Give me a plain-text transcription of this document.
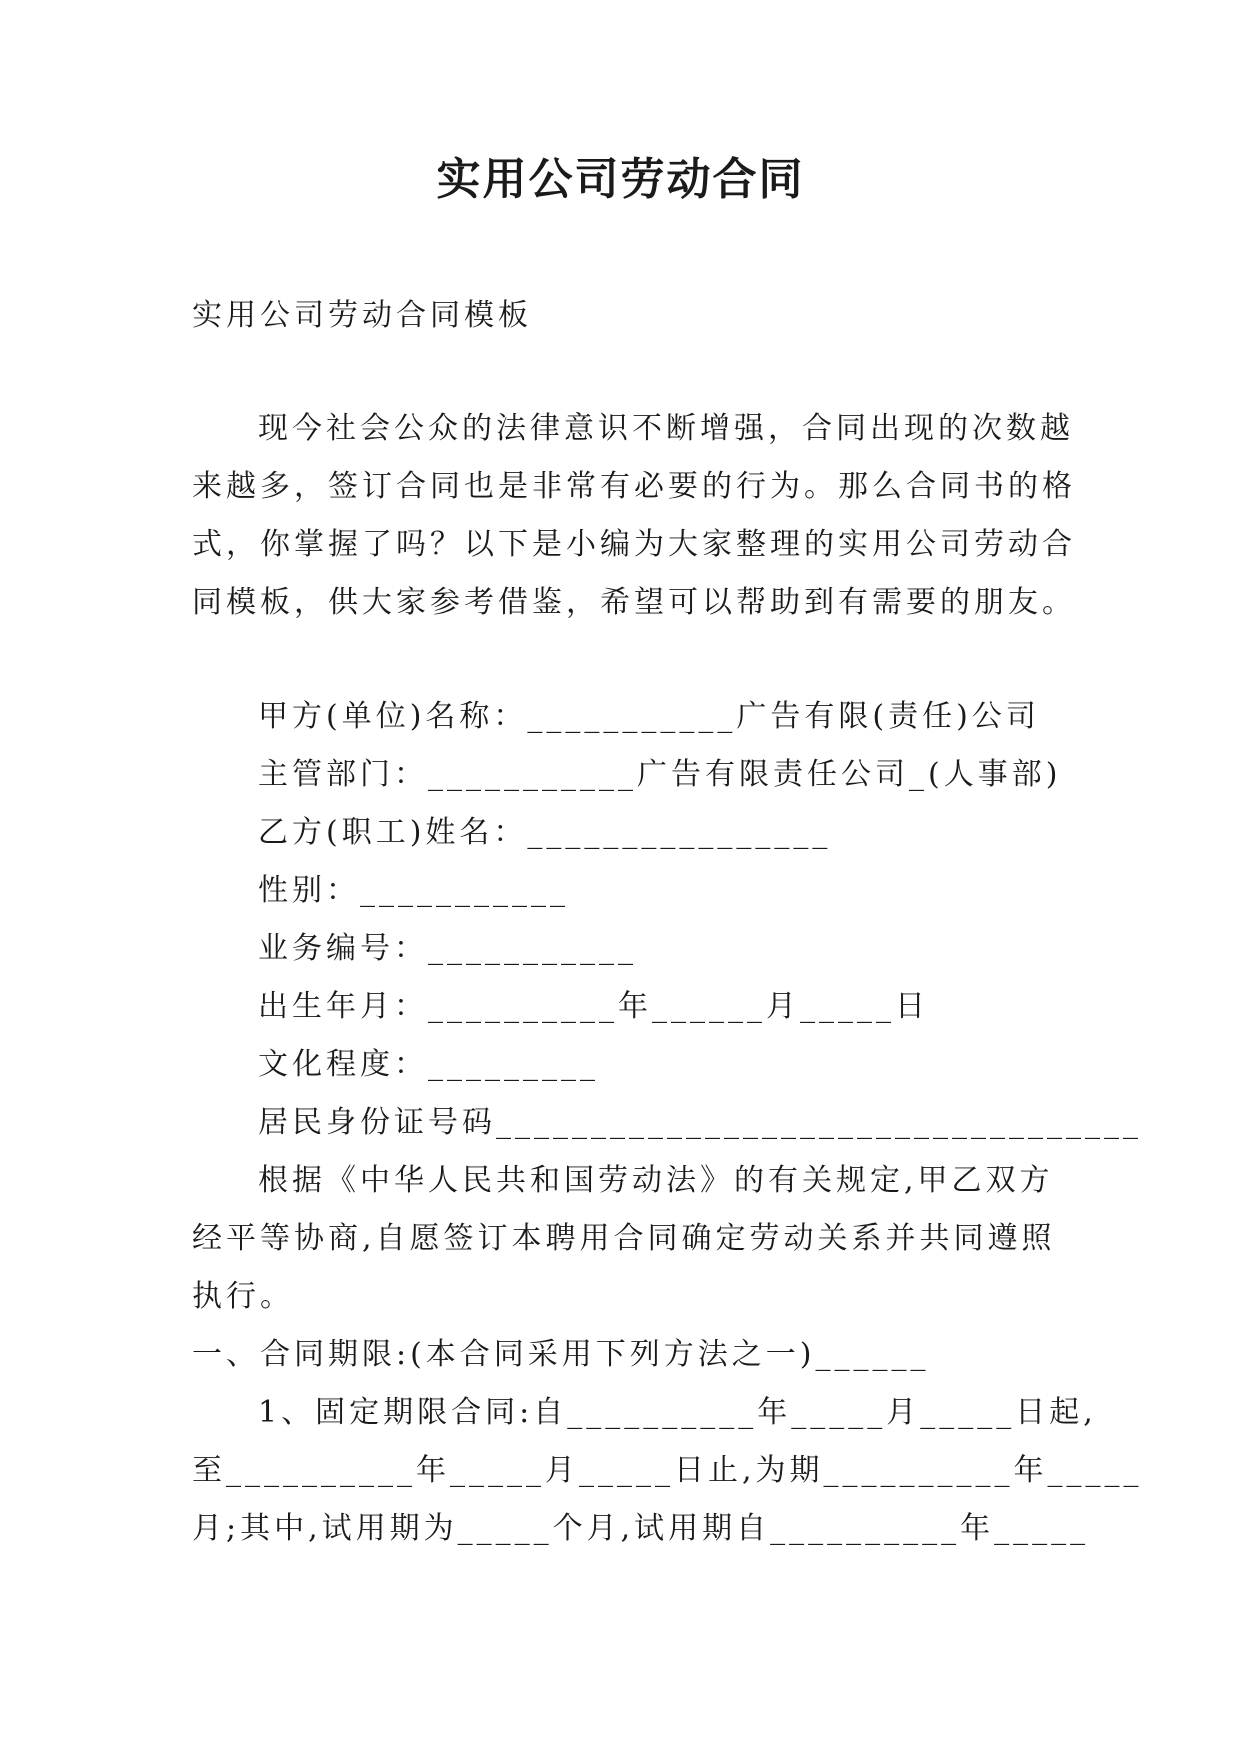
实用公司劳动合同

实用公司劳动合同模板

现今社会公众的法律意识不断增强，合同出现的次数越

来越多，签订合同也是非常有必要的行为。那么合同书的格

式，你掌握了吗？以下是小编为大家整理的实用公司劳动合

同模板，供大家参考借鉴，希望可以帮助到有需要的朋友。

甲方(单位)名称：___________广告有限(责任)公司

主管部门：___________广告有限责任公司_(人事部)

乙方(职工)姓名：________________

性别：___________

业务编号：___________

出生年月：__________年______月_____日

文化程度：_________

居民身份证号码__________________________________

根据《中华人民共和国劳动法》的有关规定,甲乙双方

经平等协商,自愿签订本聘用合同确定劳动关系并共同遵照

执行。

一、合同期限:(本合同采用下列方法之一)______

1、固定期限合同:自__________年_____月_____日起,

至__________年_____月_____日止,为期__________年_____

月;其中,试用期为_____个月,试用期自__________年_____
